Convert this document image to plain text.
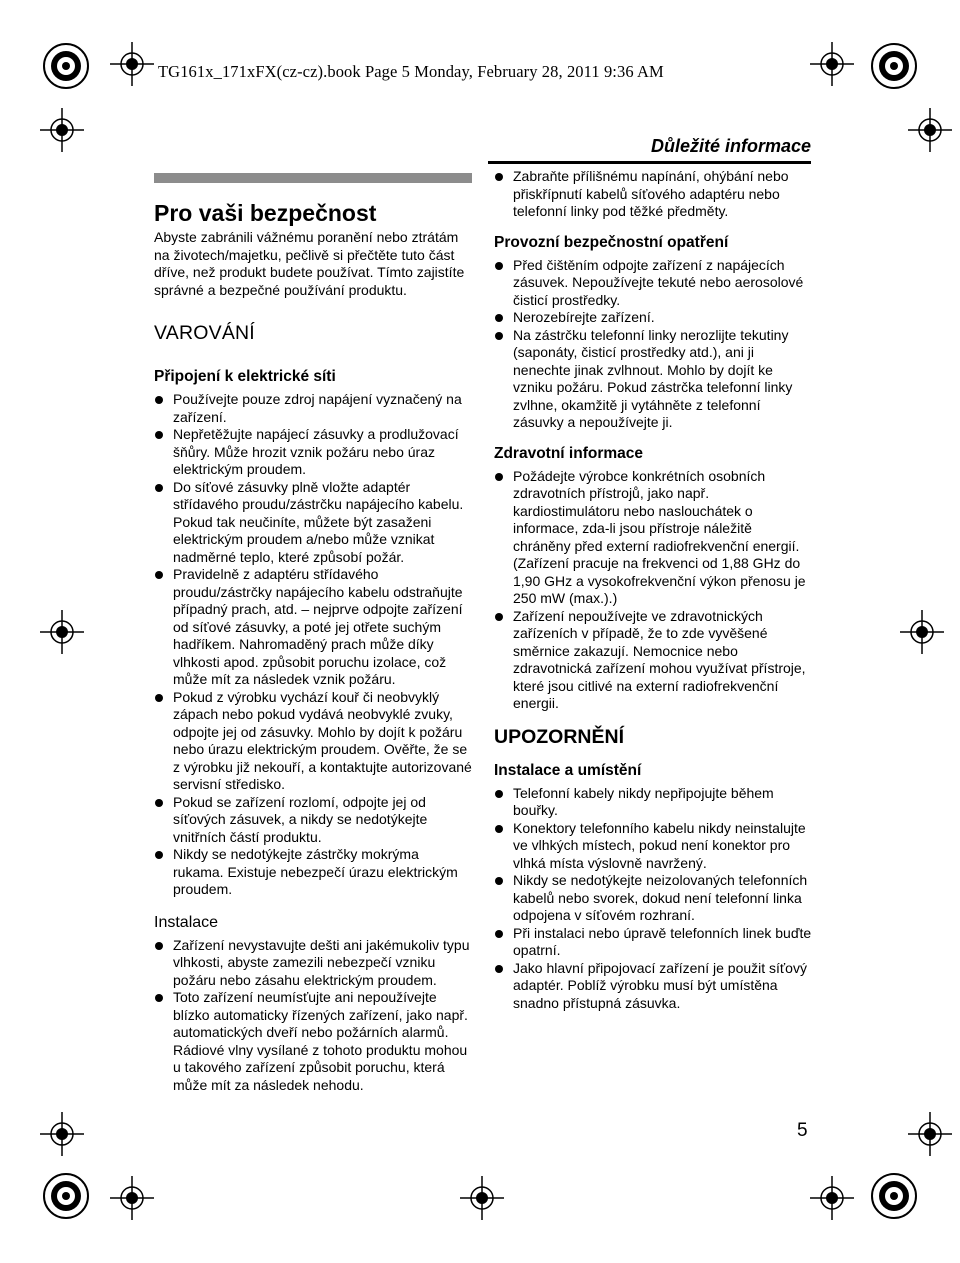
TG161x_171xFX(cz-cz).book Page 5 Monday, February 28, 2011 9:36 AM
Důležité informace
Pro vaši bezpečnost

Abyste zabránili vážnému poranění nebo ztrátám na životech/majetku, pečlivě si přečtěte tuto část dříve, než produkt budete používat. Tímto zajistíte správné a bezpečné používání produktu.

VAROVÁNÍ
Připojení k elektrické síti
Používejte pouze zdroj napájení vyznačený na zařízení.
Nepřetěžujte napájecí zásuvky a prodlužovací šňůry. Může hrozit vznik požáru nebo úraz elektrickým proudem.
Do síťové zásuvky plně vložte adaptér střídavého proudu/zástrčku napájecího kabelu. Pokud tak neučiníte, můžete být zasaženi elektrickým proudem a/nebo může vznikat nadměrné teplo, které způsobí požár.
Pravidelně z adaptéru střídavého proudu/zástrčky napájecího kabelu odstraňujte případný prach, atd. – nejprve odpojte zařízení od síťové zásuvky, a poté jej otřete suchým hadříkem. Nahromaděný prach může díky vlhkosti apod. způsobit poruchu izolace, což může mít za následek vznik požáru.
Pokud z výrobku vychází kouř či neobvyklý zápach nebo pokud vydává neobvyklé zvuky, odpojte jej od zásuvky. Mohlo by dojít k požáru nebo úrazu elektrickým proudem. Ověřte, že se z výrobku již nekouří, a kontaktujte autorizované servisní středisko.
Pokud se zařízení rozlomí, odpojte jej od síťových zásuvek, a nikdy se nedotýkejte vnitřních částí produktu.
Nikdy se nedotýkejte zástrčky mokrýma rukama. Existuje nebezpečí úrazu elektrickým proudem.
Instalace
Zařízení nevystavujte dešti ani jakémukoliv typu vlhkosti, abyste zamezili nebezpečí vzniku požáru nebo zásahu elektrickým proudem.
Toto zařízení neumísťujte ani nepoužívejte blízko automaticky řízených zařízení, jako např. automatických dveří nebo požárních alarmů. Rádiové vlny vysílané z tohoto produktu mohou u takového zařízení způsobit poruchu, která může mít za následek nehodu.
Zabraňte přílišnému napínání, ohýbání nebo přiskřípnutí kabelů síťového adaptéru nebo telefonní linky pod těžké předměty.
Provozní bezpečnostní opatření
Před čištěním odpojte zařízení z napájecích zásuvek. Nepoužívejte tekuté nebo aerosolové čisticí prostředky.
Nerozebírejte zařízení.
Na zástrčku telefonní linky nerozlijte tekutiny (saponáty, čisticí prostředky atd.), ani ji nenechte jinak zvlhnout. Mohlo by dojít ke vzniku požáru. Pokud zástrčka telefonní linky zvlhne, okamžitě ji vytáhněte z telefonní zásuvky a nepoužívejte ji.
Zdravotní informace
Požádejte výrobce konkrétních osobních zdravotních přístrojů, jako např. kardiostimulátoru nebo naslouchátek o informace, zda-li jsou přístroje náležitě chráněny před externí radiofrekvenční energií. (Zařízení pracuje na frekvenci od 1,88 GHz do 1,90 GHz a vysokofrekvenční výkon přenosu je 250 mW (max.).)
Zařízení nepoužívejte ve zdravotnických zařízeních v případě, že to zde vyvěšené směrnice zakazují. Nemocnice nebo zdravotnická zařízení mohou využívat přístroje, které jsou citlivé na externí radiofrekvenční energii.
UPOZORNĚNÍ
Instalace a umístění
Telefonní kabely nikdy nepřipojujte během bouřky.
Konektory telefonního kabelu nikdy neinstalujte ve vlhkých místech, pokud není konektor pro vlhká místa výslovně navržený.
Nikdy se nedotýkejte neizolovaných telefonních kabelů nebo svorek, dokud není telefonní linka odpojena v síťovém rozhraní.
Při instalaci nebo úpravě telefonních linek buďte opatrní.
Jako hlavní připojovací zařízení je použit síťový adaptér. Poblíž výrobku musí být umístěna snadno přístupná zásuvka.
5
